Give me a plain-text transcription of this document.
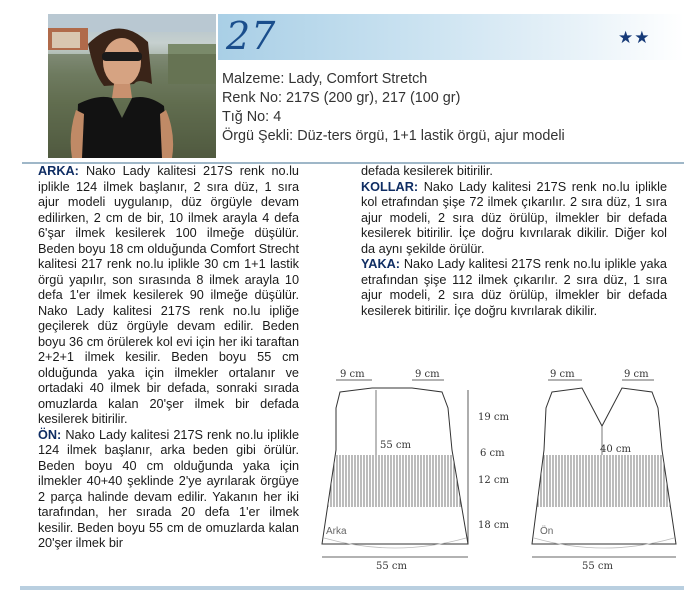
27	★★
Malzeme: Lady, Comfort Stretch
Renk No: 217S (200 gr), 217 (100 gr)
Tığ No: 4
Örgü Şekli: Düz-ters örgü, 1+1 lastik örgü, ajur modeli

ARKA: Nako Lady kalitesi 217S renk no.lu iplikle 124 ilmek başlanır, 2 sıra düz, 1 sıra ajur modeli uygulanıp, düz örgüyle devam edilirken, 2 cm de bir, 10 ilmek arayla 4 defa 6'şar ilmek kesilerek 100 ilmeğe düşülür. Beden boyu 18 cm olduğunda Comfort Strecht kalitesi 217 renk no.lu iplikle 30 cm 1+1 lastik örgü yapılır, son sırasında 8 ilmek arayla 10 defa 1'er ilmek kesilerek 90 ilmeğe düşülür. Nako Lady kalitesi 217S renk no.lu ipliğe geçilerek düz örgüyle devam edilir. Beden boyu 36 cm örülerek kol evi için her iki taraftan 2+2+1 ilmek kesilir. Beden boyu 55 cm olduğunda yaka için ilmekler ortalanır ve ortadaki 40 ilmek bir defada, sonraki sırada omuzlarda kalan 20'şer ilmek bir defada kesilerek bitirilir.

ÖN: Nako Lady kalitesi 217S renk no.lu iplikle 124 ilmek başlanır, arka beden gibi örülür. Beden boyu 40 cm olduğunda yaka için ilmekler 40+40 şeklinde 2'ye ayrılarak örgüye 2 parça halinde devam edilir. Yakanın her iki tarafından, her sırada 20 defa 1'er ilmek kesilir. Beden boyu 55 cm de omuzlarda kalan 20'şer ilmek bir

defada kesilerek bitirilir.

KOLLAR: Nako Lady kalitesi 217S renk no.lu iplikle kol etrafından şişe 72 ilmek çıkarılır. 2 sıra düz, 1 sıra ajur modeli, 2 sıra düz örülüp, ilmekler bir defada kesilerek bitirilir. İçe doğru kıvrılarak dikilir. Diğer kol da aynı şekilde örülür.

YAKA: Nako Lady kalitesi 217S renk no.lu iplikle yaka etrafından şişe 112 ilmek çıkarılır. 2 sıra düz, 1 sıra ajur modeli, 2 sıra düz örülüp, ilmekler bir defada kesilerek bitirilir. İçe doğru kıvrılarak dikilir.

9 cm	9 cm	9 cm	9 cm
55 cm	40 cm
19 cm
6 cm
12 cm
18 cm
Arka	Ön
55 cm	55 cm
